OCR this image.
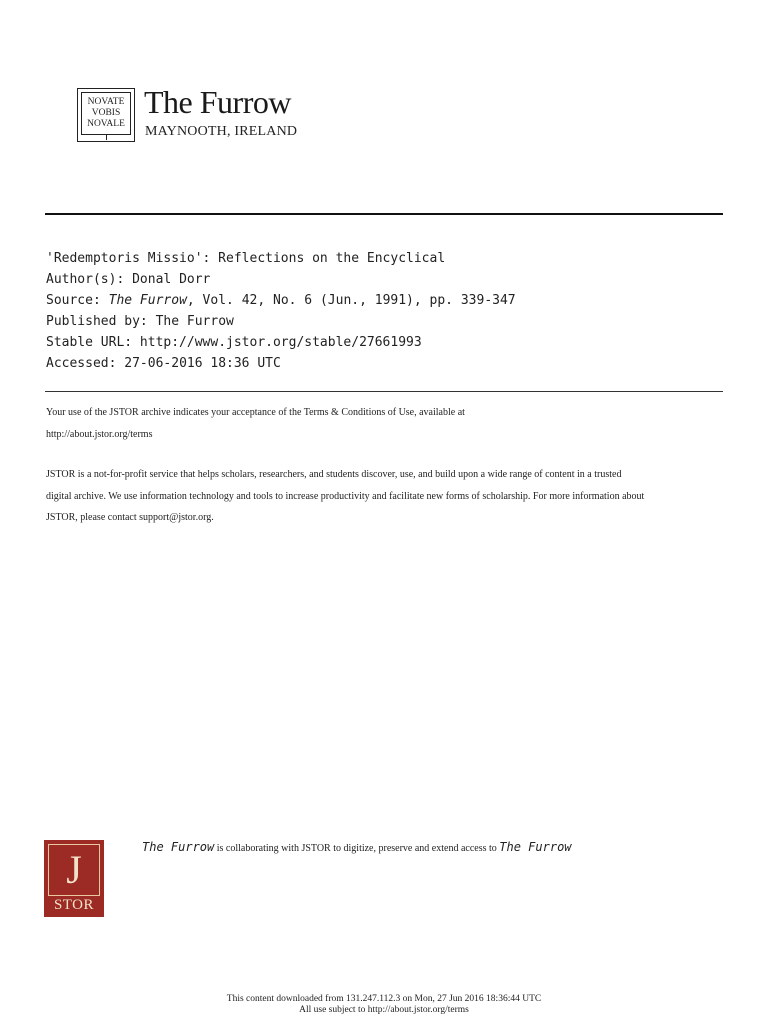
NOVATE
VOBIS
NOVALE
The Furrow
MAYNOOTH, IRELAND
'Redemptoris Missio': Reflections on the Encyclical
Author(s): Donal Dorr
Source: The Furrow, Vol. 42, No. 6 (Jun., 1991), pp. 339-347
Published by: The Furrow
Stable URL: http://www.jstor.org/stable/27661993
Accessed: 27-06-2016 18:36 UTC

Your use of the JSTOR archive indicates your acceptance of the Terms & Conditions of Use, available at

http://about.jstor.org/terms

JSTOR is a not-for-profit service that helps scholars, researchers, and students discover, use, and build upon a wide range of content in a trusted

digital archive. We use information technology and tools to increase productivity and facilitate new forms of scholarship. For more information about

JSTOR, please contact support@jstor.org.

J
STOR
The Furrow is collaborating with JSTOR to digitize, preserve and extend access to The Furrow
This content downloaded from 131.247.112.3 on Mon, 27 Jun 2016 18:36:44 UTC
All use subject to http://about.jstor.org/terms
